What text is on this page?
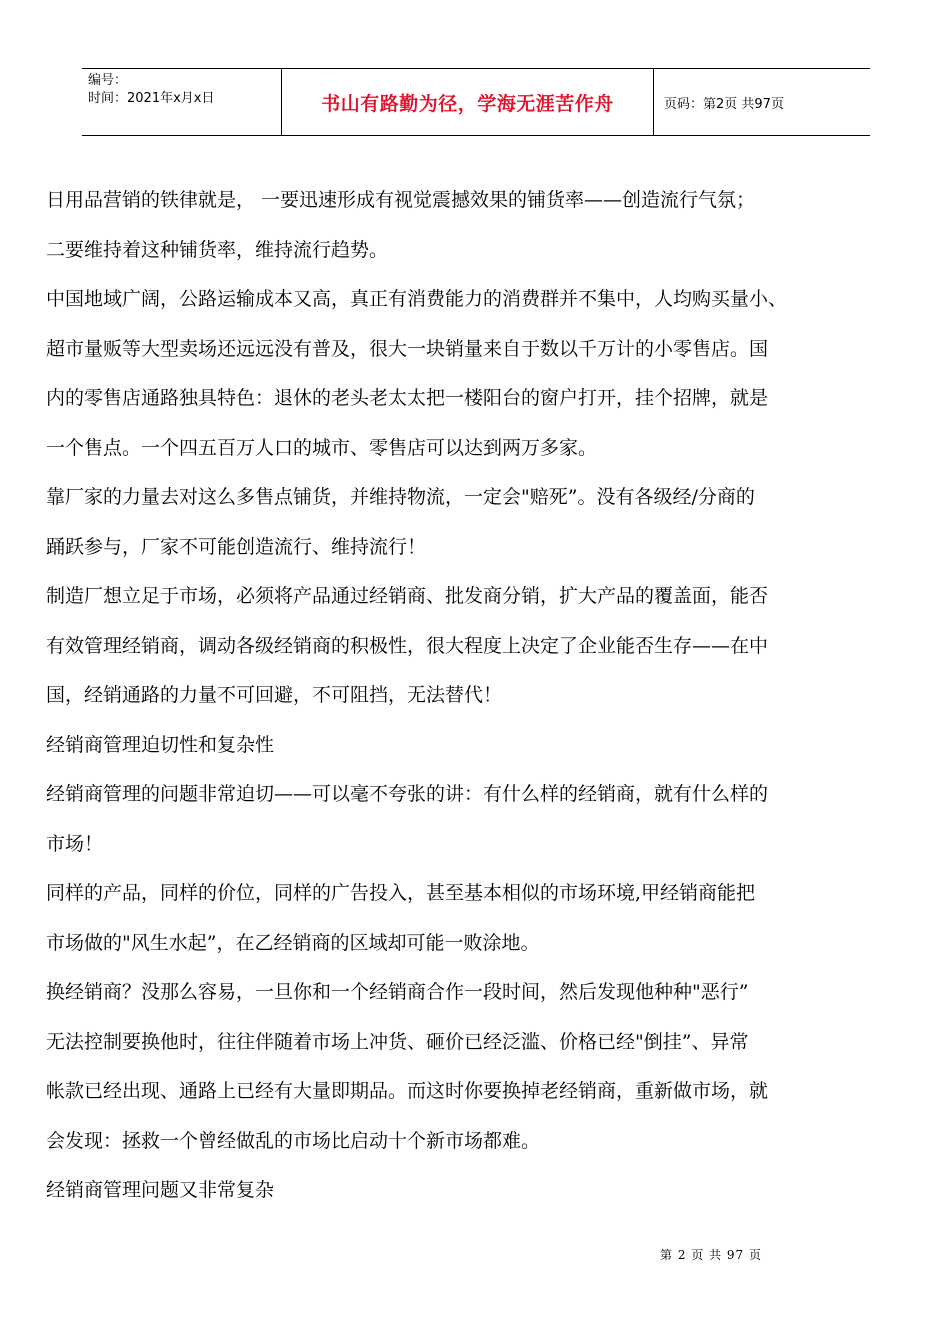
编号：
时间：2021年x月x日	书山有路勤为径，学海无涯苦作舟	页码：第2页 共97页

日用品营销的铁律就是， 一要迅速形成有视觉震撼效果的铺货率——创造流行气氛；
二要维持着这种铺货率，维持流行趋势。
中国地域广阔，公路运输成本又高，真正有消费能力的消费群并不集中，人均购买量小、
超市量贩等大型卖场还远远没有普及，很大一块销量来自于数以千万计的小零售店。国
内的零售店通路独具特色：退休的老头老太太把一楼阳台的窗户打开，挂个招牌，就是
一个售点。一个四五百万人口的城市、零售店可以达到两万多家。
靠厂家的力量去对这么多售点铺货，并维持物流，一定会"赔死”。没有各级经/分商的
踊跃参与，厂家不可能创造流行、维持流行！
制造厂想立足于市场，必须将产品通过经销商、批发商分销，扩大产品的覆盖面，能否
有效管理经销商，调动各级经销商的积极性，很大程度上决定了企业能否生存——在中
国，经销通路的力量不可回避，不可阻挡，无法替代！
经销商管理迫切性和复杂性
经销商管理的问题非常迫切——可以毫不夸张的讲：有什么样的经销商，就有什么样的
市场！
同样的产品，同样的价位，同样的广告投入，甚至基本相似的市场环境,甲经销商能把
市场做的"风生水起”，在乙经销商的区域却可能一败涂地。
换经销商？没那么容易，一旦你和一个经销商合作一段时间，然后发现他种种"恶行”
无法控制要换他时，往往伴随着市场上冲货、砸价已经泛滥、价格已经"倒挂”、异常
帐款已经出现、通路上已经有大量即期品。而这时你要换掉老经销商，重新做市场，就
会发现：拯救一个曾经做乱的市场比启动十个新市场都难。
经销商管理问题又非常复杂

第 2 页 共 97 页
